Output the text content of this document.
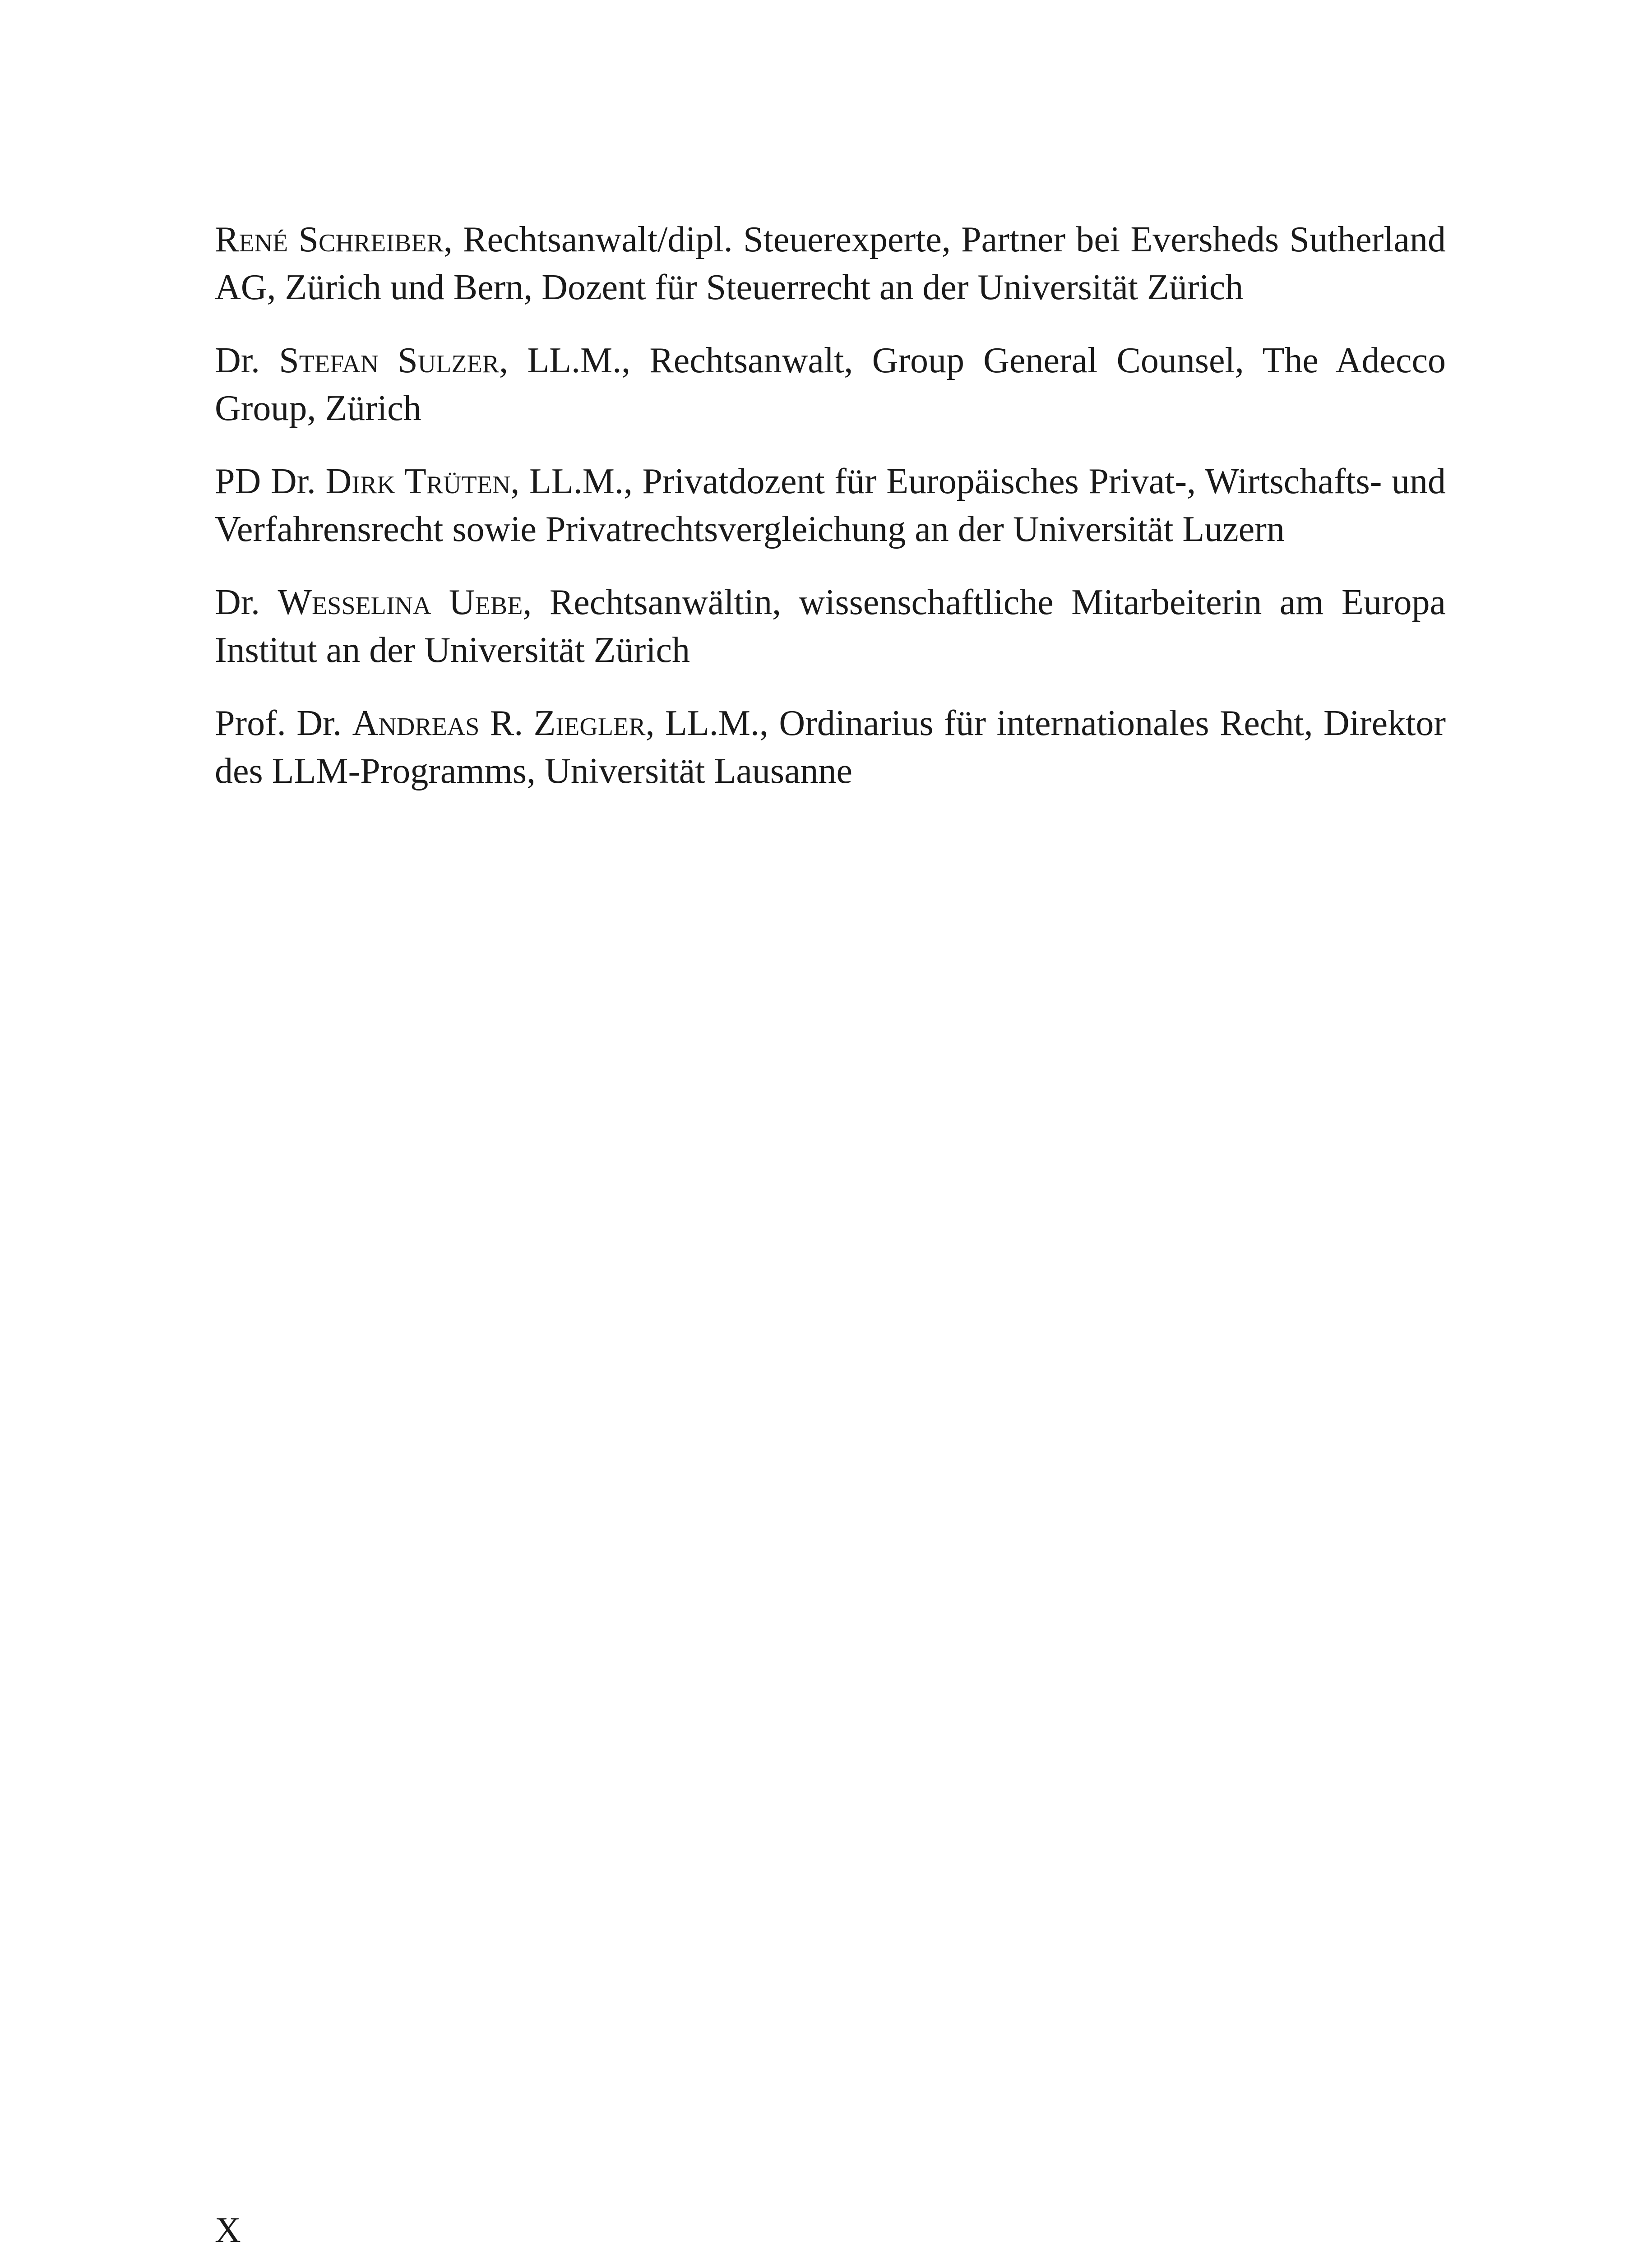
René Schreiber, Rechtsanwalt/dipl. Steuerexperte, Partner bei Eversheds Sutherland AG, Zürich und Bern, Dozent für Steuerrecht an der Universität Zürich

Dr. Stefan Sulzer, LL.M., Rechtsanwalt, Group General Counsel, The Adecco Group, Zürich

PD Dr. Dirk Trüten, LL.M., Privatdozent für Europäisches Privat-, Wirtschafts- und Verfahrensrecht sowie Privatrechtsvergleichung an der Universität Luzern

Dr. Wesselina Uebe, Rechtsanwältin, wissenschaftliche Mitarbeiterin am Europa Institut an der Universität Zürich

Prof. Dr. Andreas R. Ziegler, LL.M., Ordinarius für internationales Recht, Direktor des LLM-Programms, Universität Lausanne

X
